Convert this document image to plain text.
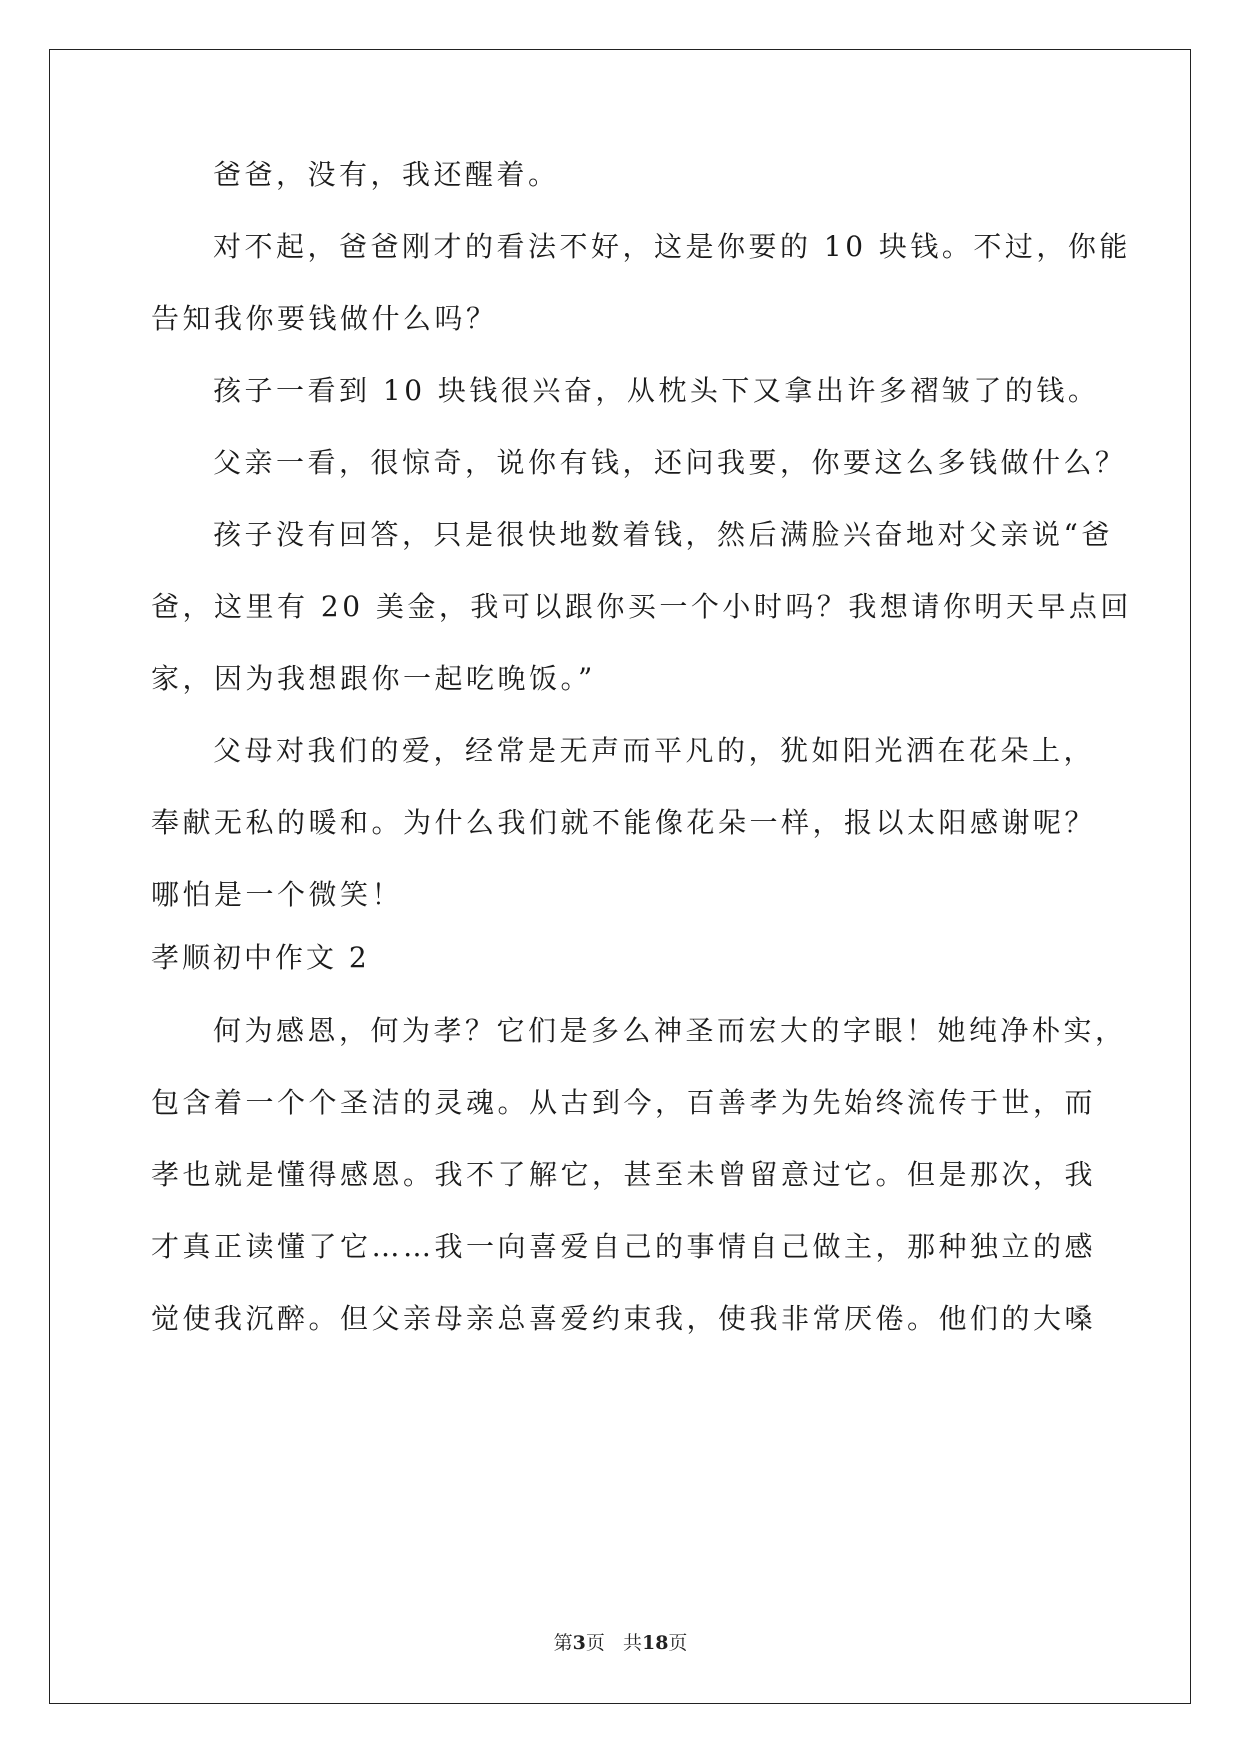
爸爸，没有，我还醒着。
对不起，爸爸刚才的看法不好，这是你要的 10 块钱。不过，你能
告知我你要钱做什么吗？
孩子一看到 10 块钱很兴奋，从枕头下又拿出许多褶皱了的钱。
父亲一看，很惊奇，说你有钱，还问我要，你要这么多钱做什么？
孩子没有回答，只是很快地数着钱，然后满脸兴奋地对父亲说“爸
爸，这里有 20 美金，我可以跟你买一个小时吗？我想请你明天早点回
家，因为我想跟你一起吃晚饭。”
父母对我们的爱，经常是无声而平凡的，犹如阳光洒在花朵上，
奉献无私的暖和。为什么我们就不能像花朵一样，报以太阳感谢呢？
哪怕是一个微笑！
孝顺初中作文 2
何为感恩，何为孝？它们是多么神圣而宏大的字眼！她纯净朴实，
包含着一个个圣洁的灵魂。从古到今，百善孝为先始终流传于世，而
孝也就是懂得感恩。我不了解它，甚至未曾留意过它。但是那次，我
才真正读懂了它……我一向喜爱自己的事情自己做主，那种独立的感
觉使我沉醉。但父亲母亲总喜爱约束我，使我非常厌倦。他们的大嗓
第3页 共18页
